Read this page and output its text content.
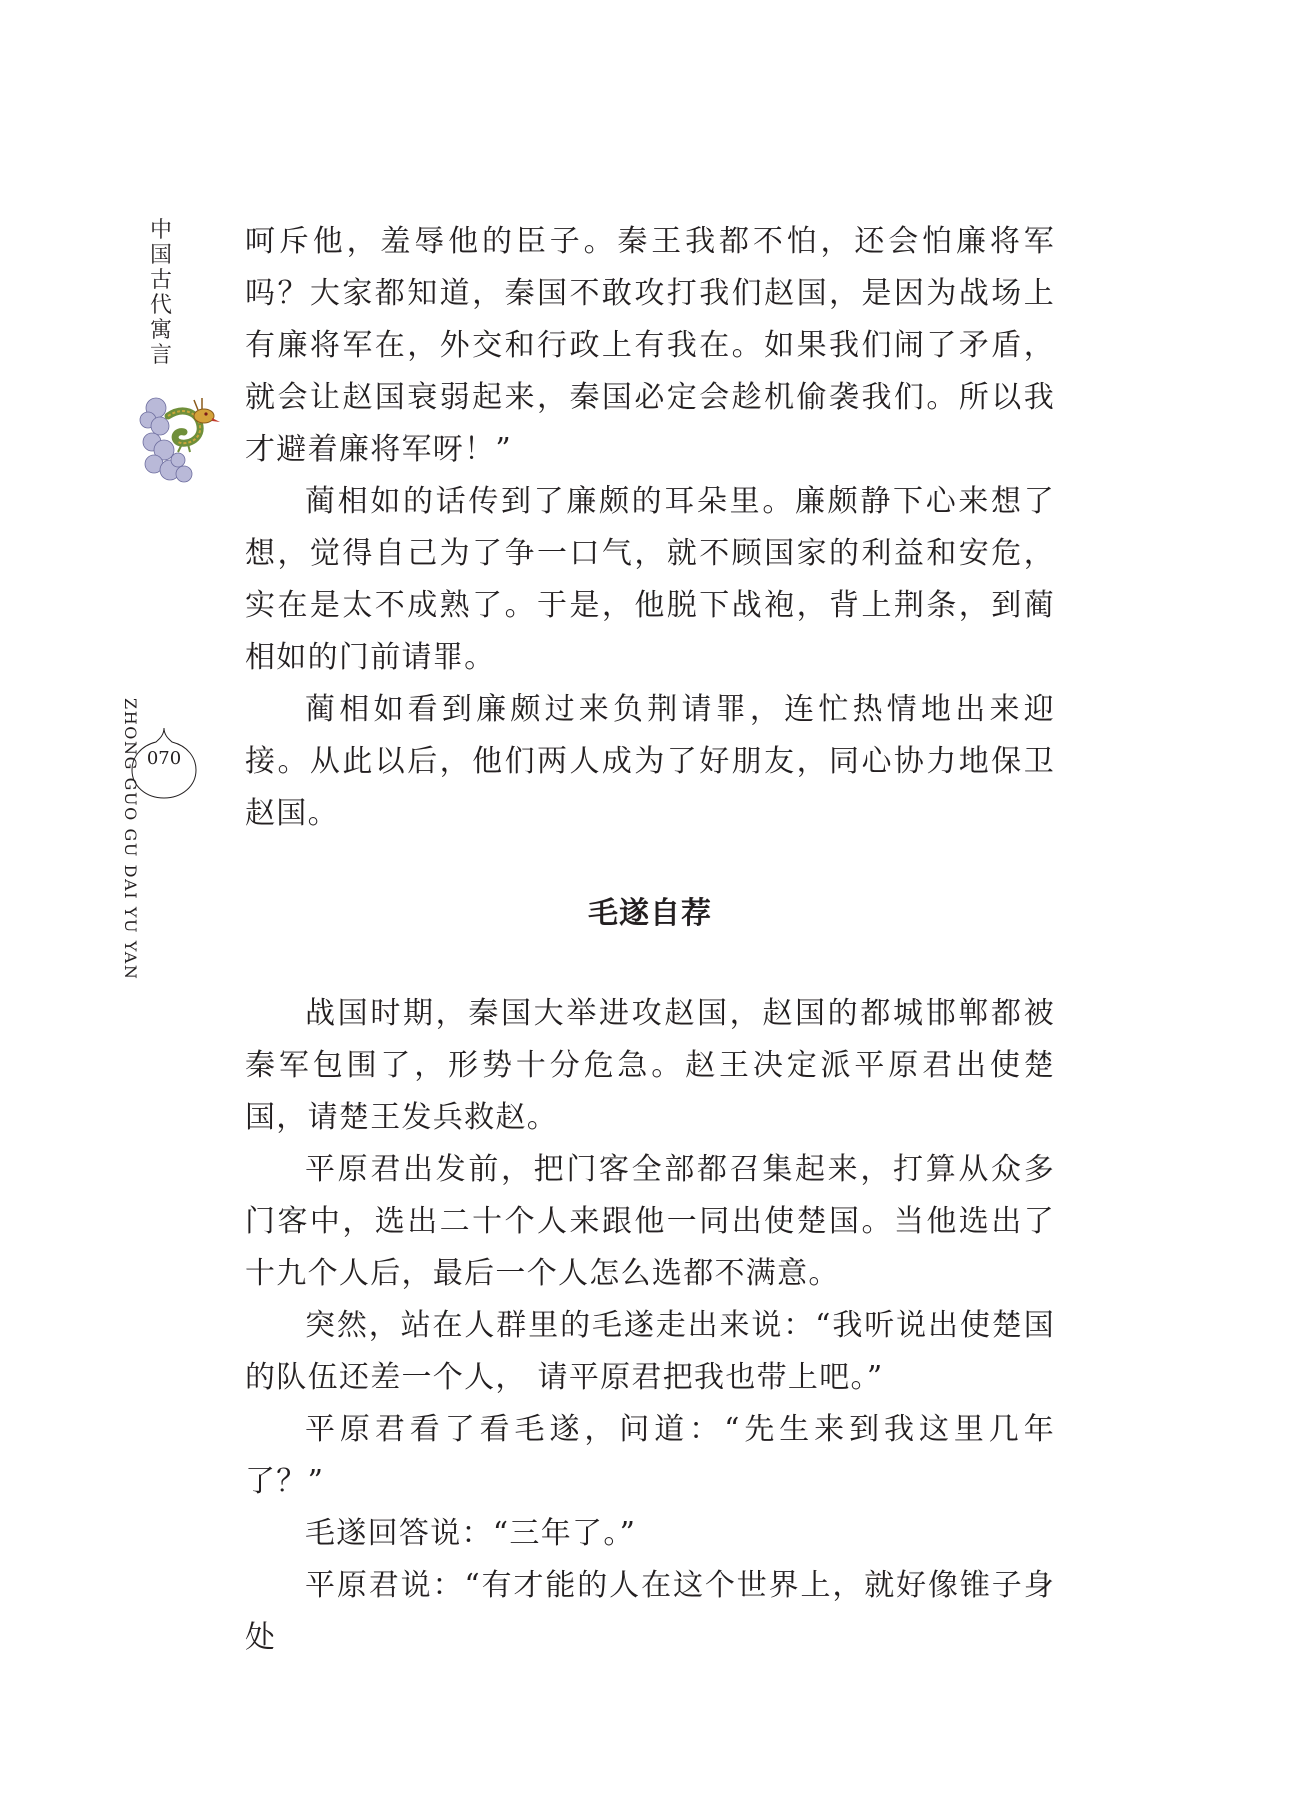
中国古代寓言
ZHONG GUO GU DAI YU YAN 070

呵斥他，羞辱他的臣子。秦王我都不怕，还会怕廉将军吗？大家都知道，秦国不敢攻打我们赵国，是因为战场上有廉将军在，外交和行政上有我在。如果我们闹了矛盾，就会让赵国衰弱起来，秦国必定会趁机偷袭我们。所以我才避着廉将军呀！”

蔺相如的话传到了廉颇的耳朵里。廉颇静下心来想了想，觉得自己为了争一口气，就不顾国家的利益和安危，实在是太不成熟了。于是，他脱下战袍，背上荆条，到蔺相如的门前请罪。

蔺相如看到廉颇过来负荆请罪，连忙热情地出来迎接。从此以后，他们两人成为了好朋友，同心协力地保卫赵国。

毛遂自荐

战国时期，秦国大举进攻赵国，赵国的都城邯郸都被秦军包围了，形势十分危急。赵王决定派平原君出使楚国，请楚王发兵救赵。

平原君出发前，把门客全部都召集起来，打算从众多门客中，选出二十个人来跟他一同出使楚国。当他选出了十九个人后，最后一个人怎么选都不满意。

突然，站在人群里的毛遂走出来说：“我听说出使楚国的队伍还差一个人， 请平原君把我也带上吧。”

平原君看了看毛遂，问道：“先生来到我这里几年了？”

毛遂回答说：“三年了。”

平原君说：“有才能的人在这个世界上，就好像锥子身处
